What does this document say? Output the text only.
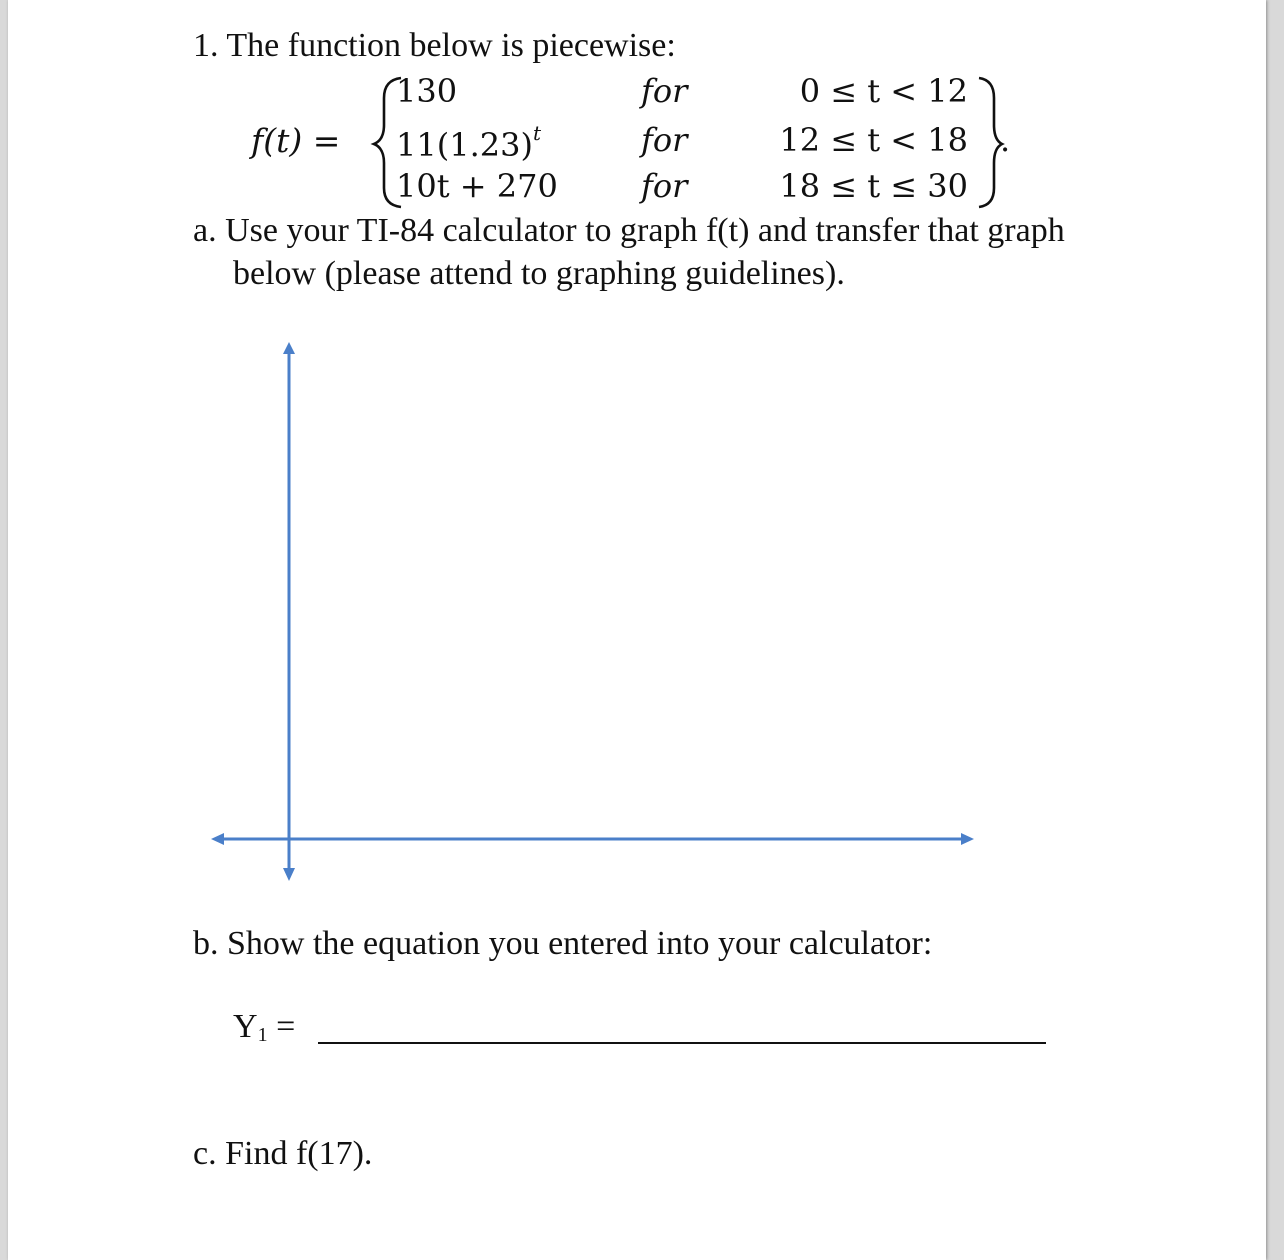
1. The function below is piecewise:
f(t) =
130	for	0 ≤ t < 12
$11(1.23)^t$	for	12 ≤ t < 18
10t + 270	for	18 ≤ t ≤ 30
.
a. Use your TI-84 calculator to graph f(t) and transfer that graph
below (please attend to graphing guidelines).
b. Show the equation you entered into your calculator:
Y1 =
c. Find f(17).
